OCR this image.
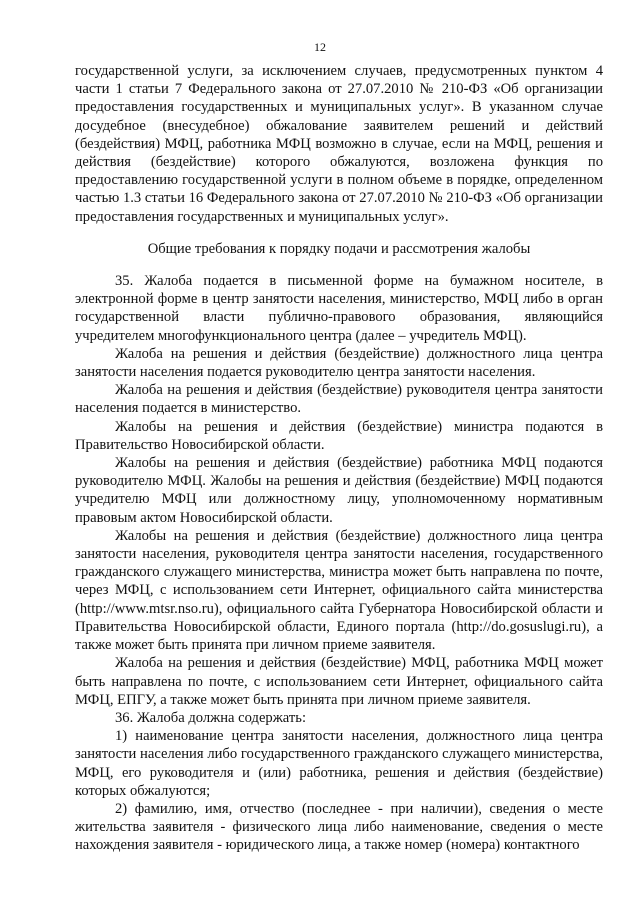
12

государственной услуги, за исключением случаев, предусмотренных пунктом 4 части 1 статьи 7 Федерального закона от 27.07.2010 № 210-ФЗ «Об организации предоставления государственных и муниципальных услуг». В указанном случае досудебное (внесудебное) обжалование заявителем решений и действий (бездействия) МФЦ, работника МФЦ возможно в случае, если на МФЦ, решения и действия (бездействие) которого обжалуются, возложена функция по предоставлению государственной услуги в полном объеме в порядке, определенном частью 1.3 статьи 16 Федерального закона от 27.07.2010 № 210-ФЗ «Об организации предоставления государственных и муниципальных услуг».

Общие требования к порядку подачи и рассмотрения жалобы

35. Жалоба подается в письменной форме на бумажном носителе, в электронной форме в центр занятости населения, министерство, МФЦ либо в орган государственной власти публично-правового образования, являющийся учредителем многофункционального центра (далее – учредитель МФЦ).

Жалоба на решения и действия (бездействие) должностного лица центра занятости населения подается руководителю центра занятости населения.

Жалоба на решения и действия (бездействие) руководителя центра занятости населения подается в министерство.

Жалобы на решения и действия (бездействие) министра подаются в Правительство Новосибирской области.

Жалобы на решения и действия (бездействие) работника МФЦ подаются руководителю МФЦ. Жалобы на решения и действия (бездействие) МФЦ подаются учредителю МФЦ или должностному лицу, уполномоченному нормативным правовым актом Новосибирской области.

Жалобы на решения и действия (бездействие) должностного лица центра занятости населения, руководителя центра занятости населения, государственного гражданского служащего министерства, министра может быть направлена по почте, через МФЦ, с использованием сети Интернет, официального сайта министерства (http://www.mtsr.nso.ru), официального сайта Губернатора Новосибирской области и Правительства Новосибирской области, Единого портала (http://do.gosuslugi.ru), а также может быть принята при личном приеме заявителя.

Жалоба на решения и действия (бездействие) МФЦ, работника МФЦ может быть направлена по почте, с использованием сети Интернет, официального сайта МФЦ, ЕПГУ, а также может быть принята при личном приеме заявителя.

36. Жалоба должна содержать:

1) наименование центра занятости населения, должностного лица центра занятости населения либо государственного гражданского служащего министерства, МФЦ, его руководителя и (или) работника, решения и действия (бездействие) которых обжалуются;

2) фамилию, имя, отчество (последнее - при наличии), сведения о месте жительства заявителя - физического лица либо наименование, сведения о месте нахождения заявителя - юридического лица, а также номер (номера) контактного
